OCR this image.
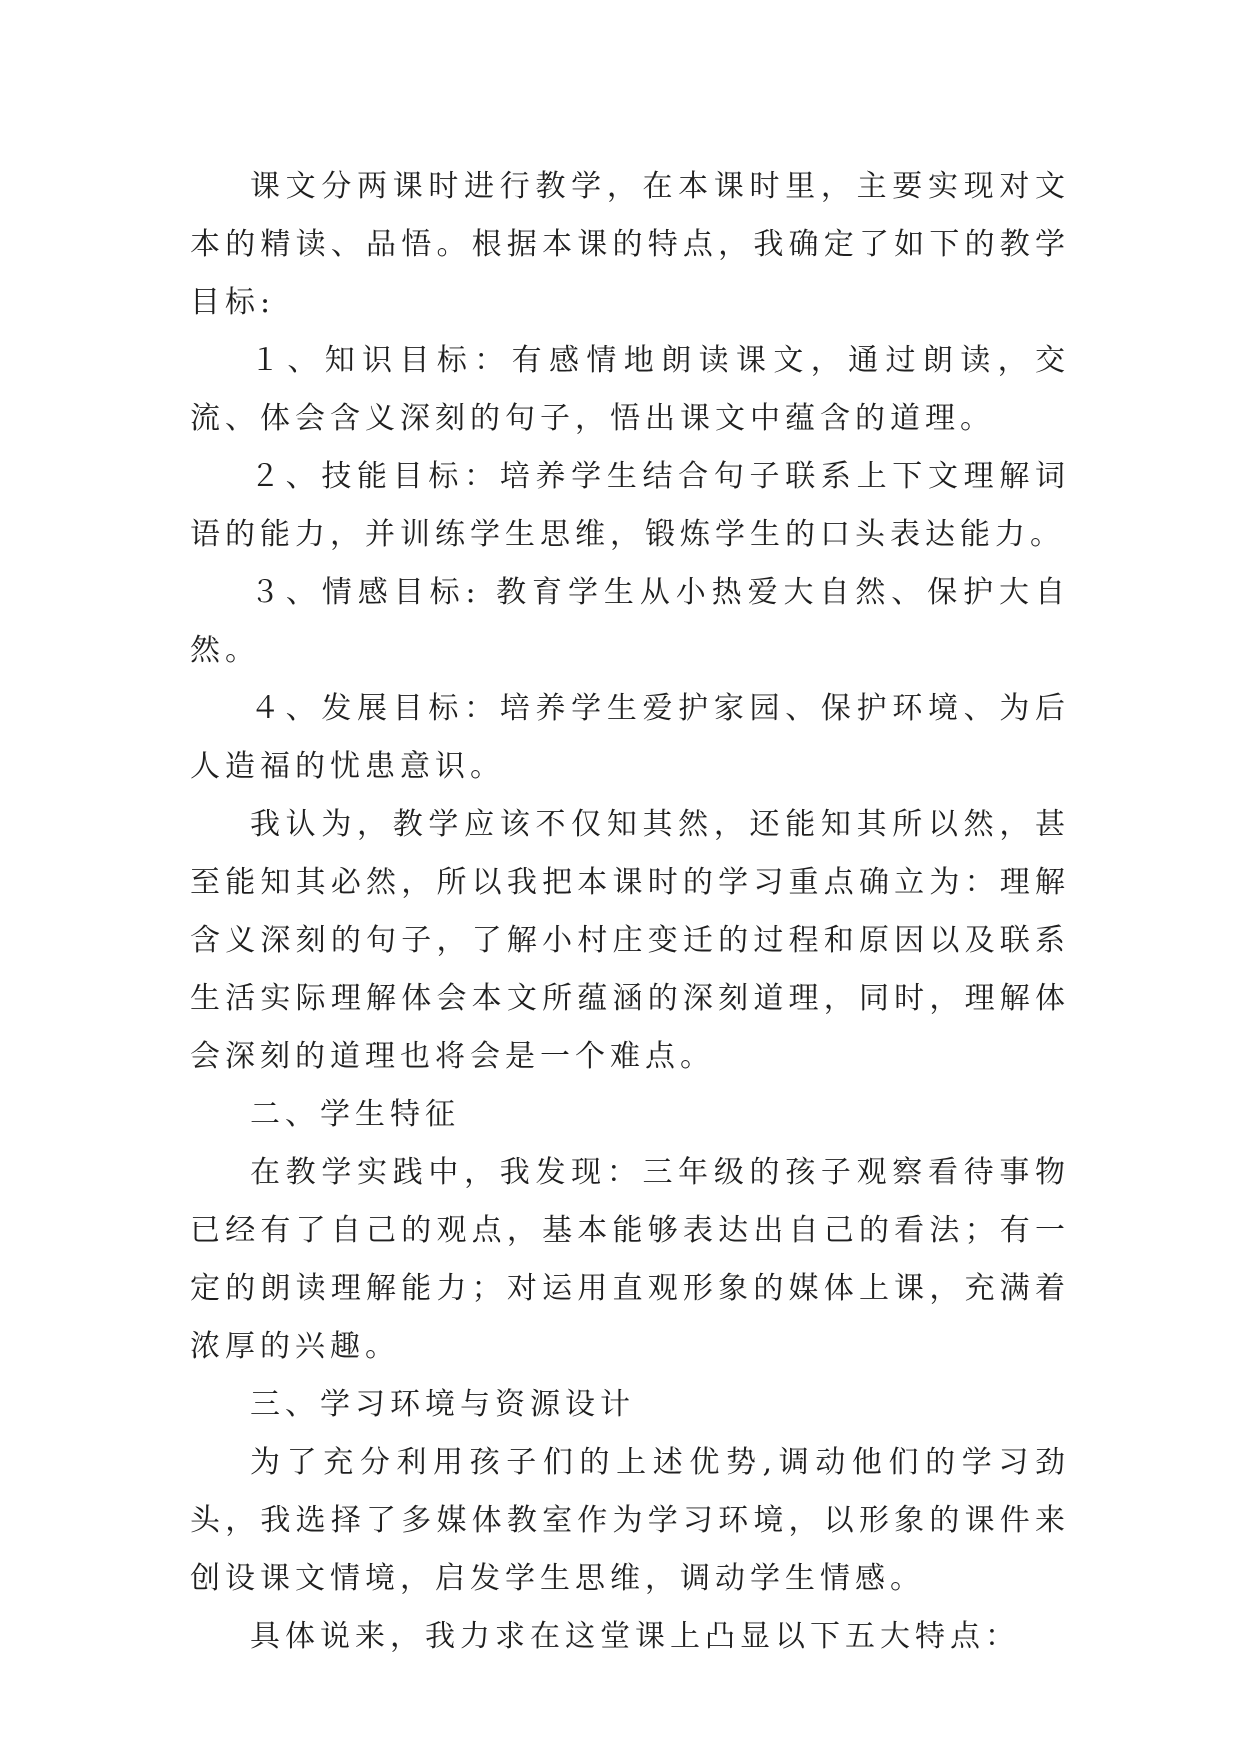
课文分两课时进行教学，在本课时里，主要实现对文本的精读、品悟。根据本课的特点，我确定了如下的教学目标:

１、知识目标：有感情地朗读课文，通过朗读，交流、体会含义深刻的句子，悟出课文中蕴含的道理。

２、技能目标：培养学生结合句子联系上下文理解词语的能力，并训练学生思维，锻炼学生的口头表达能力。

３、情感目标: 教育学生从小热爱大自然、保护大自然。

４、发展目标：培养学生爱护家园、保护环境、为后人造福的忧患意识。

我认为，教学应该不仅知其然，还能知其所以然，甚至能知其必然，所以我把本课时的学习重点确立为：理解含义深刻的句子，了解小村庄变迁的过程和原因以及联系生活实际理解体会本文所蕴涵的深刻道理，同时，理解体会深刻的道理也将会是一个难点。

二、学生特征

在教学实践中，我发现：三年级的孩子观察看待事物已经有了自己的观点，基本能够表达出自己的看法；有一定的朗读理解能力；对运用直观形象的媒体上课，充满着浓厚的兴趣。

三、学习环境与资源设计

为了充分利用孩子们的上述优势,调动他们的学习劲头，我选择了多媒体教室作为学习环境，以形象的课件来创设课文情境，启发学生思维，调动学生情感。

具体说来，我力求在这堂课上凸显以下五大特点：
